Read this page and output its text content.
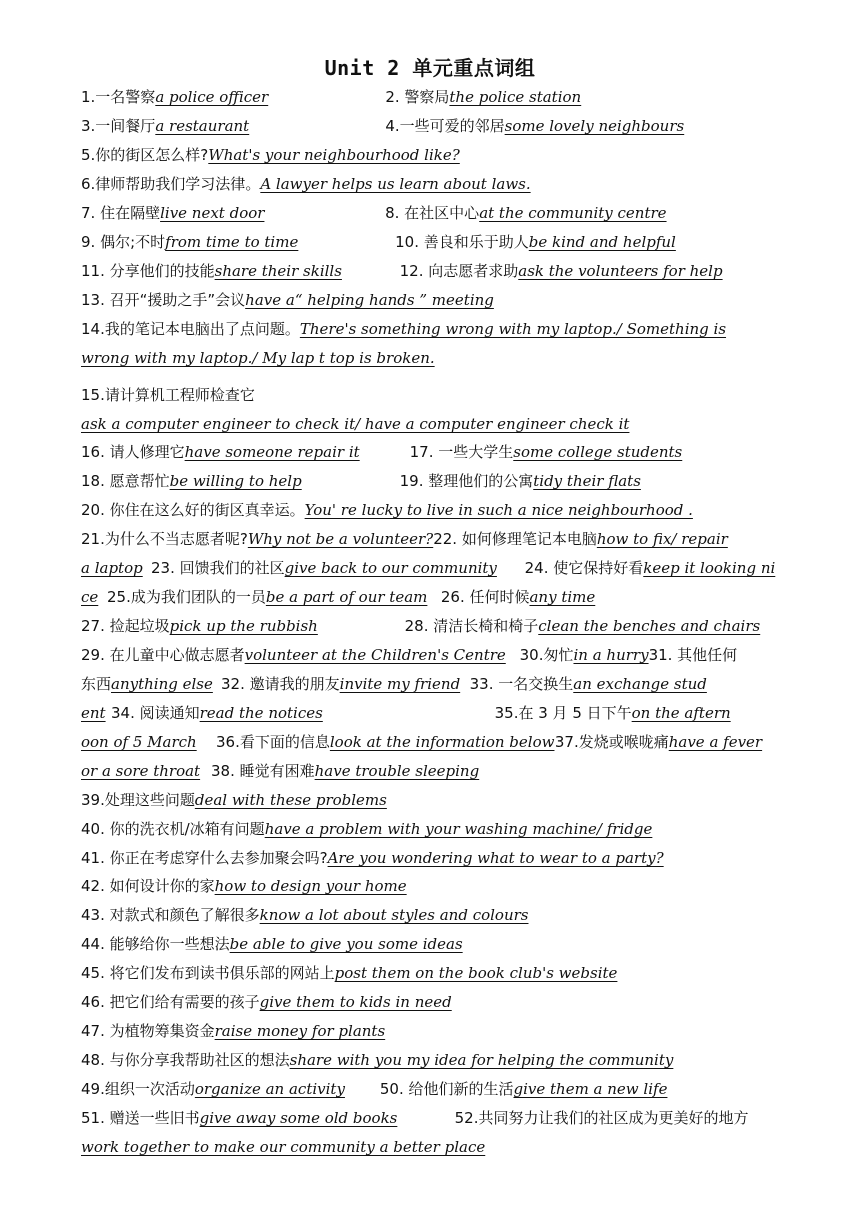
Unit 2 单元重点词组
1.一名警察a police officer	2. 警察局the police station
3.一间餐厅a restaurant	4.一些可爱的邻居some lovely neighbours
5.你的街区怎么样?What's your neighbourhood like?
6.律师帮助我们学习法律。A lawyer helps us learn about laws.
7. 住在隔壁live next door	8. 在社区中心at the community centre
9. 偶尔;不时from time to time	10. 善良和乐于助人be kind and helpful
11. 分享他们的技能share their skills	12. 向志愿者求助ask the volunteers for help
13. 召开“援助之手”会议have a“ helping hands ” meeting
14.我的笔记本电脑出了点问题。There's something wrong with my laptop./ Something is
wrong with my laptop./ My lap t top is broken.
15.请计算机工程师检查它
ask a computer engineer to check it/ have a computer engineer check it
16. 请人修理它have someone repair it	17. 一些大学生some college students
18. 愿意帮忙be willing to help	19. 整理他们的公寓tidy their flats
20. 你住在这么好的街区真幸运。You' re lucky to live in such a nice neighbourhood .
21.为什么不当志愿者呢?Why not be a volunteer?22. 如何修理笔记本电脑how to fix/ repair
a laptop 23. 回馈我们的社区give back to our community 24. 使它保持好看keep it looking ni
ce 25.成为我们团队的一员be a part of our team 26. 任何时候any time
27. 捡起垃圾pick up the rubbish	28. 清洁长椅和椅子clean the benches and chairs
29. 在儿童中心做志愿者volunteer at the Children's Centre 30.匆忙in a hurry31. 其他任何
东西anything else 32. 邀请我的朋友invite my friend 33. 一名交换生an exchange stud
ent 34. 阅读通知read the notices	35.在 3 月 5 日下午on the aftern
oon of 5 March 36.看下面的信息look at the information below37.发烧或喉咙痛have a fever
or a sore throat 38. 睡觉有困难have trouble sleeping
39.处理这些问题deal with these problems
40. 你的洗衣机/冰箱有问题have a problem with your washing machine/ fridge
41. 你正在考虑穿什么去参加聚会吗?Are you wondering what to wear to a party?
42. 如何设计你的家how to design your home
43. 对款式和颜色了解很多know a lot about styles and colours
44. 能够给你一些想法be able to give you some ideas
45. 将它们发布到读书俱乐部的网站上post them on the book club's website
46. 把它们给有需要的孩子give them to kids in need
47. 为植物筹集资金raise money for plants
48. 与你分享我帮助社区的想法share with you my idea for helping the community
49.组织一次活动organize an activity 50. 给他们新的生活give them a new life
51. 赠送一些旧书give away some old books	52.共同努力让我们的社区成为更美好的地方
work together to make our community a better place
